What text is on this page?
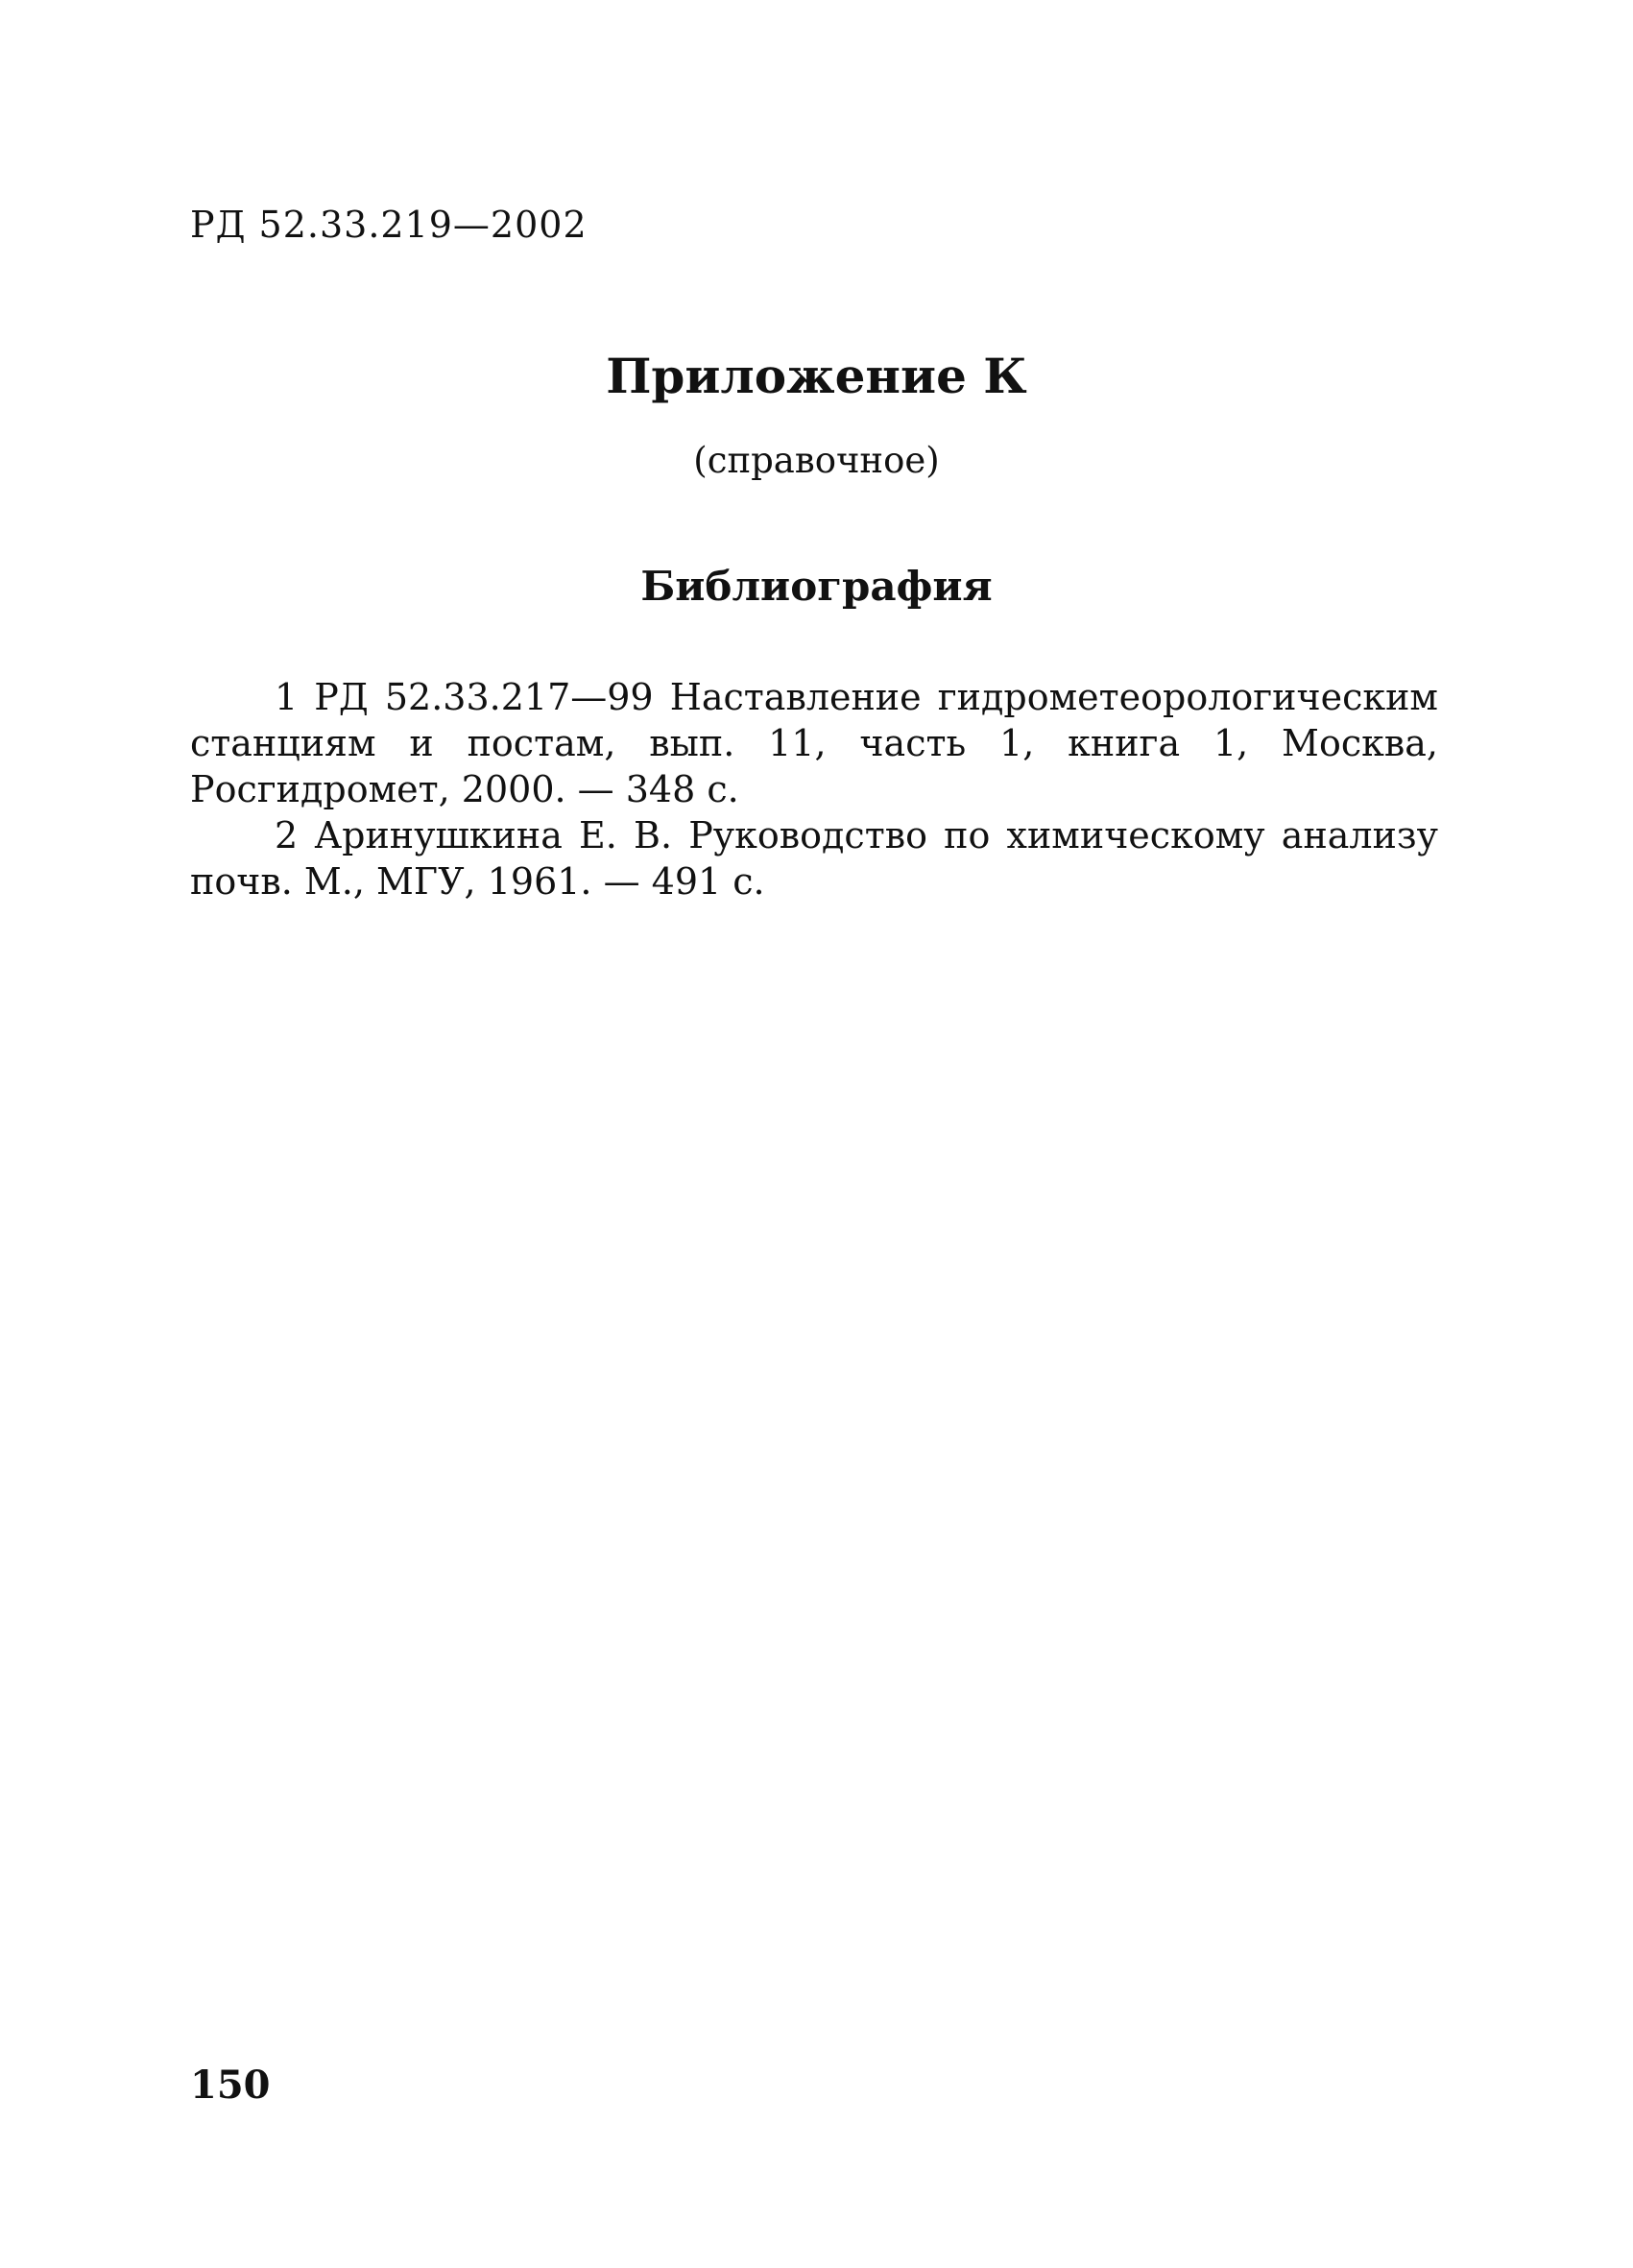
РД 52.33.219—2002
Приложение К
(справочное)
Библиография

1 РД 52.33.217—99 Наставление гидрометеорологическим станциям и постам, вып. 11, часть 1, книга 1, Москва, Росгидромет, 2000. — 348 с.

2 Аринушкина Е. В. Руководство по химическому анализу почв. М., МГУ, 1961. — 491 с.

150
